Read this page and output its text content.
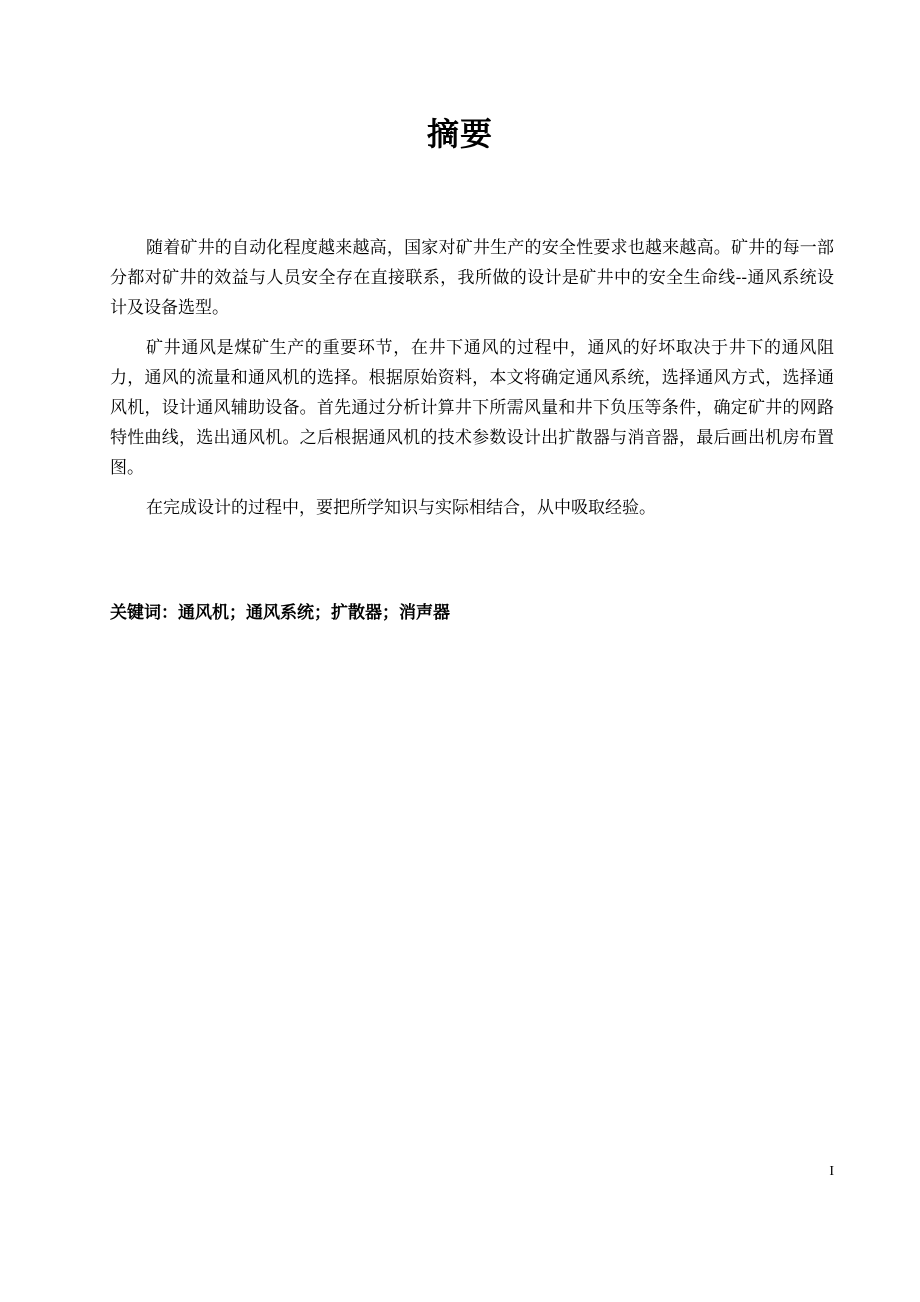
摘要

随着矿井的自动化程度越来越高，国家对矿井生产的安全性要求也越来越高。矿井的每一部分都对矿井的效益与人员安全存在直接联系，我所做的设计是矿井中的安全生命线--通风系统设计及设备选型。

矿井通风是煤矿生产的重要环节，在井下通风的过程中，通风的好坏取决于井下的通风阻力，通风的流量和通风机的选择。根据原始资料，本文将确定通风系统，选择通风方式，选择通风机，设计通风辅助设备。首先通过分析计算井下所需风量和井下负压等条件，确定矿井的网路特性曲线，选出通风机。之后根据通风机的技术参数设计出扩散器与消音器，最后画出机房布置图。

在完成设计的过程中，要把所学知识与实际相结合，从中吸取经验。

关键词：通风机；通风系统；扩散器；消声器
I
